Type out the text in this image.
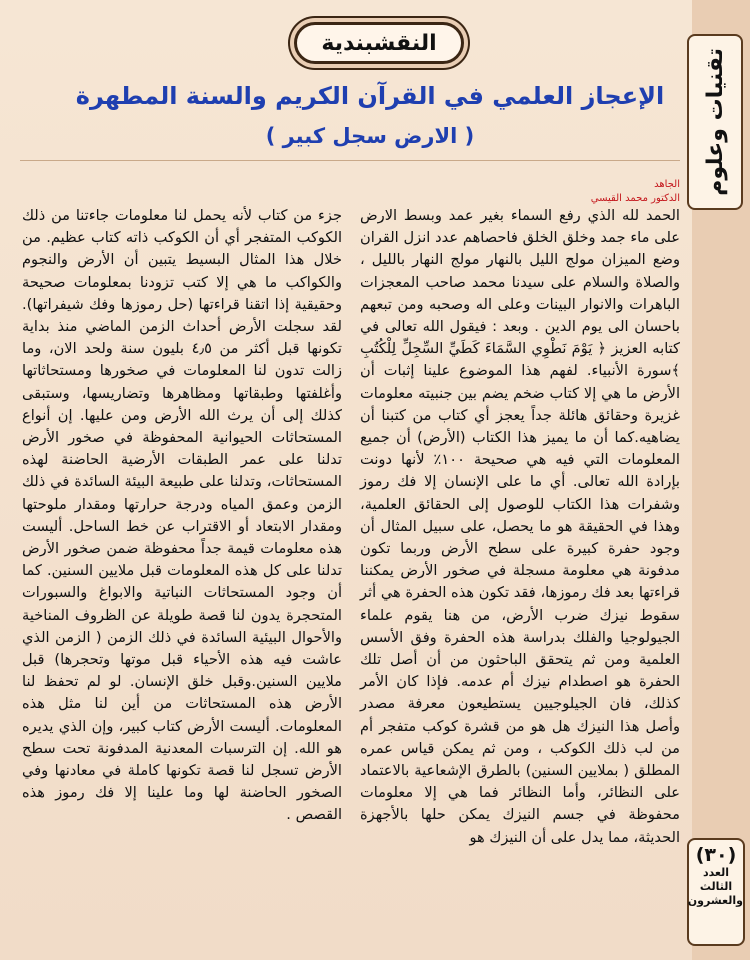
تقنيات وعلوم
النقشبندية
الإعجاز العلمي في القرآن الكريم والسنة المطهرة
( الارض سجل كبير )
الجاهد
الدكتور محمد القيسي

الحمد لله الذي رفع السماء بغير عمد وبسط الارض على ماء جمد وخلق الخلق فاحصاهم عدد انزل القران وضع الميزان مولج الليل بالنهار مولج النهار بالليل ، والصلاة والسلام على سيدنا محمد صاحب المعجزات الباهرات والانوار البينات وعلى اله وصحبه ومن تبعهم باحسان الى يوم الدين . وبعد : فيقول الله تعالى في كتابه العزيز ﴿ يَوْمَ نَطْوِي السَّمَاءَ كَطَيِّ السِّجِلِّ لِلْكُتُبِ ﴾سورة الأنبياء. لفهم هذا الموضوع علينا إثبات أن الأرض ما هي إلا كتاب ضخم يضم بين جنبيته معلومات غزيرة وحقائق هائلة جداً يعجز أي كتاب من كتبنا أن يضاهيه.كما أن ما يميز هذا الكتاب (الأرض) أن جميع المعلومات التي فيه هي صحيحة ١٠٠٪ لأنها دونت بإرادة الله تعالى. أي ما على الإنسان إلا فك رموز وشفرات هذا الكتاب للوصول إلى الحقائق العلمية، وهذا في الحقيقة هو ما يحصل، على سبيل المثال أن وجود حفرة كبيرة على سطح الأرض وربما تكون مدفونة هي معلومة مسجلة في صخور الأرض يمكننا قراءتها بعد فك رموزها، فقد تكون هذه الحفرة هي أثر سقوط نيزك ضرب الأرض، من هنا يقوم علماء الجيولوجيا والفلك بدراسة هذه الحفرة وفق الأسس العلمية ومن ثم يتحقق الباحثون من أن أصل تلك الحفرة هو اصطدام نيزك أم عدمه. فإذا كان الأمر كذلك، فان الجيلوجيين يستطيعون معرفة مصدر وأصل هذا النيزك هل هو من قشرة كوكب متفجر أم من لب ذلك الكوكب ، ومن ثم يمكن قياس عمره المطلق ( بملايين السنين) بالطرق الإشعاعية بالاعتماد على النظائر، وأما النظائر فما هي إلا معلومات محفوظة في جسم النيزك يمكن حلها بالأجهزة الحديثة، مما يدل على أن النيزك هو

جزء من كتاب لأنه يحمل لنا معلومات جاءتنا من ذلك الكوكب المتفجر أي أن الكوكب ذاته كتاب عظيم. من خلال هذا المثال البسيط يتبين أن الأرض والنجوم والكواكب ما هي إلا كتب تزودنا بمعلومات صحيحة وحقيقية إذا اتقنا قراءتها (حل رموزها وفك شيفراتها). لقد سجلت الأرض أحداث الزمن الماضي منذ بداية تكونها قبل أكثر من ٤٫٥ بليون سنة ولحد الان، وما زالت تدون لنا المعلومات في صخورها ومستحاثاتها وأغلفتها وطبقاتها ومظاهرها وتضاريسها، وستبقى كذلك إلى أن يرث الله الأرض ومن عليها. إن أنواع المستحاثات الحيوانية المحفوظة في صخور الأرض تدلنا على عمر الطبقات الأرضية الحاضنة لهذه المستحاثات، وتدلنا على طبيعة البيئة السائدة في ذلك الزمن وعمق المياه ودرجة حرارتها ومقدار ملوحتها ومقدار الابتعاد أو الاقتراب عن خط الساحل. أليست هذه معلومات قيمة جداً محفوظة ضمن صخور الأرض تدلنا على كل هذه المعلومات قبل ملايين السنين. كما أن وجود المستحاثات النباتية والابواغ والسبورات المتحجرة يدون لنا قصة طويلة عن الظروف المناخية والأحوال البيئية السائدة في ذلك الزمن ( الزمن الذي عاشت فيه هذه الأحياء قبل موتها وتحجرها) قبل ملايين السنين.وقبل خلق الإنسان. لو لم تحفظ لنا الأرض هذه المستحاثات من أين لنا مثل هذه المعلومات. أليست الأرض كتاب كبير، وإن الذي يديره هو الله. إن الترسبات المعدنية المدفونة تحت سطح الأرض تسجل لنا قصة تكونها كاملة في معادنها وفي الصخور الحاضنة لها وما علينا إلا فك رموز هذه القصص .

(٣٠)
العدد
الثالث
والعشرون
